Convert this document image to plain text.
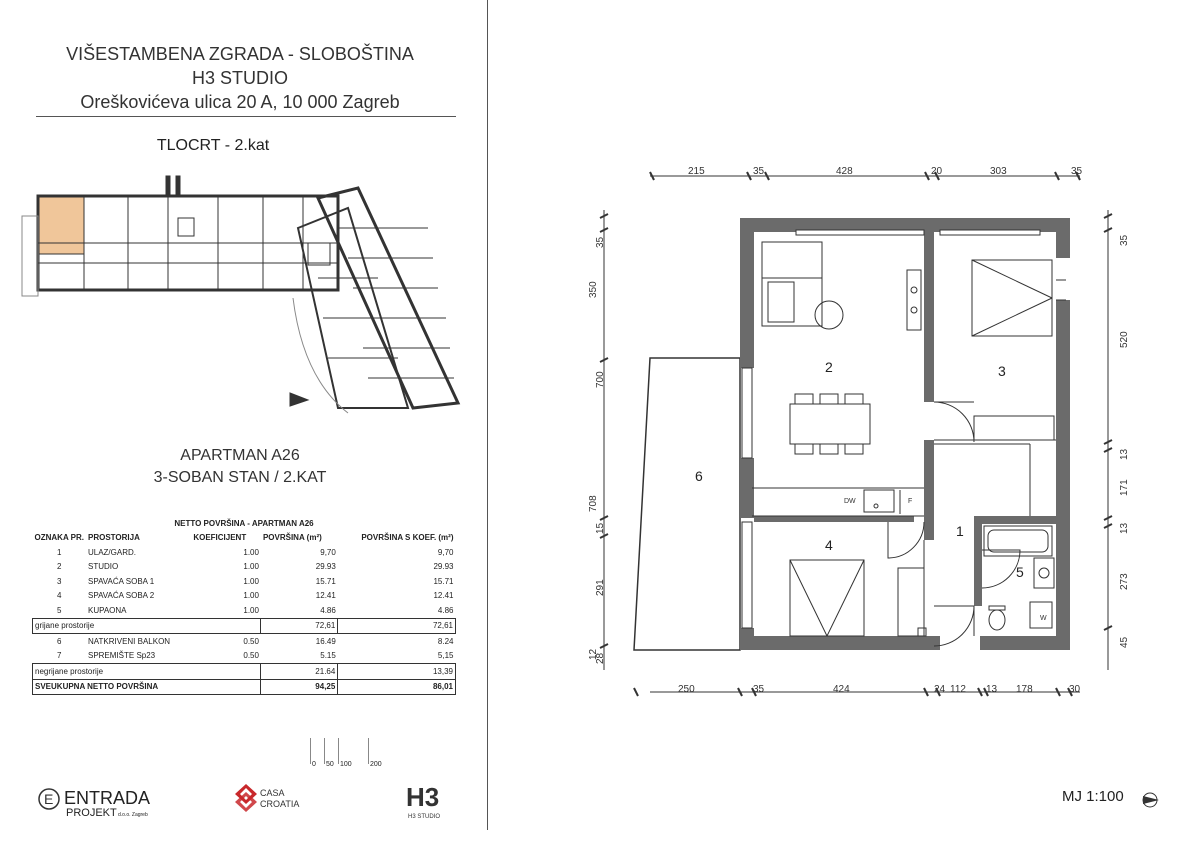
VIŠESTAMBENA ZGRADA - SLOBOŠTINA
H3 STUDIO
Oreškovićeva ulica 20 A, 10 000 Zagreb
TLOCRT - 2.kat
APARTMAN A26
3-SOBAN STAN / 2.KAT
NETTO POVRŠINA - APARTMAN A26				
OZNAKA PR.	PROSTORIJA	KOEFICIJENT	POVRŠINA (m²)	POVRŠINA S KOEF. (m²)
1	ULAZ/GARD.	1.00	9,70	9,70
2	STUDIO	1.00	29.93	29.93
3	SPAVAĆA SOBA 1	1.00	15.71	15.71
4	SPAVAĆA SOBA 2	1.00	12.41	12.41
5	KUPAONA	1.00	4.86	4.86
grijane prostorije			72,61	72,61
6	NATKRIVENI BALKON	0.50	16.49	8.24
7	SPREMIŠTE Sp23	0.50	5.15	5,15
negrijane prostorije			21.64	13,39
SVEUKUPNA NETTO POVRŠINA			94,25	86,01
0 50 100	200
E ENTRADA
PROJEKT d.o.o. Zagreb
CASA
CROATIA	H3
H3 STUDIO
215	35	428	20	303	35
250	35	424	24 112 13 178	30
35
350
700
708
15
291
12
28
35
520
13
171
13
273
45
DW	F
W
1
2	3
4
5
6
MJ 1:100
